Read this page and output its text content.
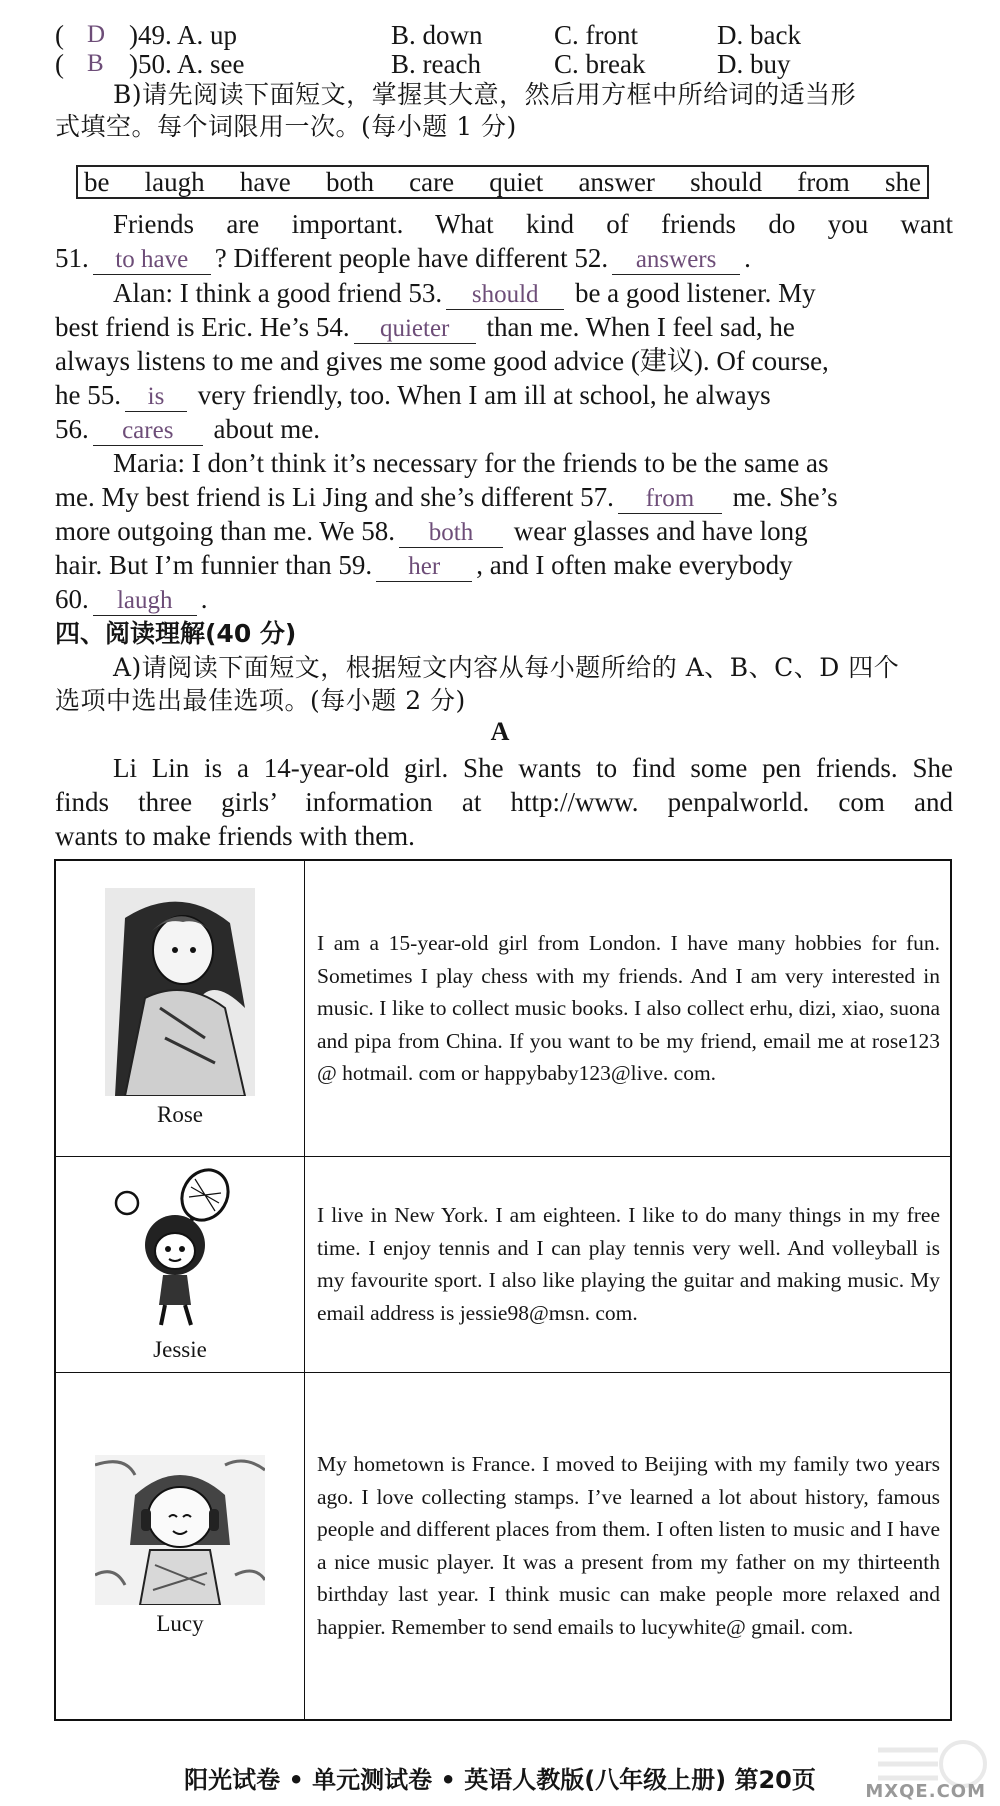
( D )49. A. up	B. down	C. front	D. back
( B )50. A. see	B. reach	C. break	D. buy
B)请先阅读下面短文，掌握其大意，然后用方框中所给词的适当形
式填空。每个词限用一次。(每小题 1 分)
be laugh have both care quiet answer should from she
Friends are important. What kind of friends do you want
51. to have ? Different people have different 52. answers .
Alan: I think a good friend 53. should be a good listener. My
best friend is Eric. He’s 54. quieter than me. When I feel sad, he
always listens to me and gives me some good advice (建议). Of course,
he 55. is very friendly, too. When I am ill at school, he always
56. cares about me.
Maria: I don’t think it’s necessary for the friends to be the same as
me. My best friend is Li Jing and she’s different 57. from me. She’s
more outgoing than me. We 58. both wear glasses and have long
hair. But I’m funnier than 59. her , and I often make everybody
60. laugh .
四、阅读理解(40 分)
A)请阅读下面短文，根据短文内容从每小题所给的 A、B、C、D 四个
选项中选出最佳选项。(每小题 2 分)
A
Li Lin is a 14-year-old girl. She wants to find some pen friends. She
finds three girls’ information at http://www. penpalworld. com and
wants to make friends with them.
Rose	I am a 15-year-old girl from London. I have many hobbies for fun. Sometimes I play chess with my friends. And I am very interested in music. I like to collect music books. I also collect erhu, dizi, xiao, suona and pipa from China. If you want to be my friend, email me at rose123 @ hotmail. com or happybaby123@live. com.

Jessie	I live in New York. I am eighteen. I like to do many things in my free time. I enjoy tennis and I can play tennis very well. And volleyball is my favourite sport. I also like playing the guitar and making music. My email address is jessie98@msn. com.

Lucy	My hometown is France. I moved to Beijing with my family two years ago. I love collecting stamps. I’ve learned a lot about history, famous people and different places from them. I often listen to music and I have a nice music player. It was a present from my father on my thirteenth birthday last year. I think music can make people more relaxed and happier. Remember to send emails to lucywhite@ gmail. com.
阳光试卷 • 单元测试卷 • 英语人教版(八年级上册) 第20页	MXQE.COM
